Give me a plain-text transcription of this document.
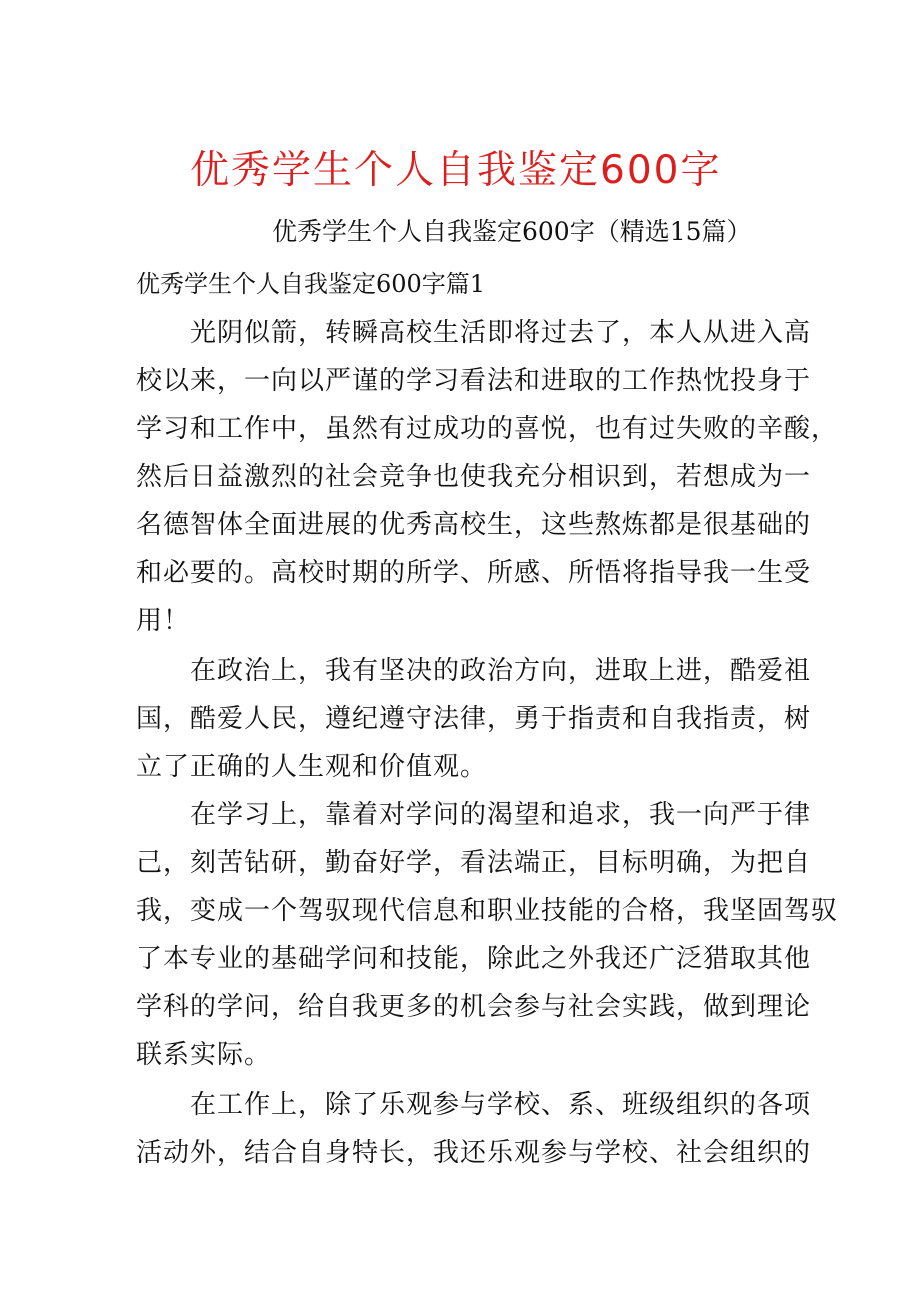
优秀学生个人自我鉴定600字
优秀学生个人自我鉴定600字（精选15篇）
优秀学生个人自我鉴定600字篇1
光阴似箭，转瞬高校生活即将过去了，本人从进入高
校以来，一向以严谨的学习看法和进取的工作热忱投身于
学习和工作中，虽然有过成功的喜悦，也有过失败的辛酸，
然后日益激烈的社会竞争也使我充分相识到，若想成为一
名德智体全面进展的优秀高校生，这些熬炼都是很基础的
和必要的。高校时期的所学、所感、所悟将指导我一生受
用！
在政治上，我有坚决的政治方向，进取上进，酷爱祖
国，酷爱人民，遵纪遵守法律，勇于指责和自我指责，树
立了正确的人生观和价值观。
在学习上，靠着对学问的渴望和追求，我一向严于律
己，刻苦钻研，勤奋好学，看法端正，目标明确，为把自
我，变成一个驾驭现代信息和职业技能的合格，我坚固驾驭
了本专业的基础学问和技能，除此之外我还广泛猎取其他
学科的学问，给自我更多的机会参与社会实践，做到理论
联系实际。
在工作上，除了乐观参与学校、系、班级组织的各项
活动外，结合自身特长，我还乐观参与学校、社会组织的
